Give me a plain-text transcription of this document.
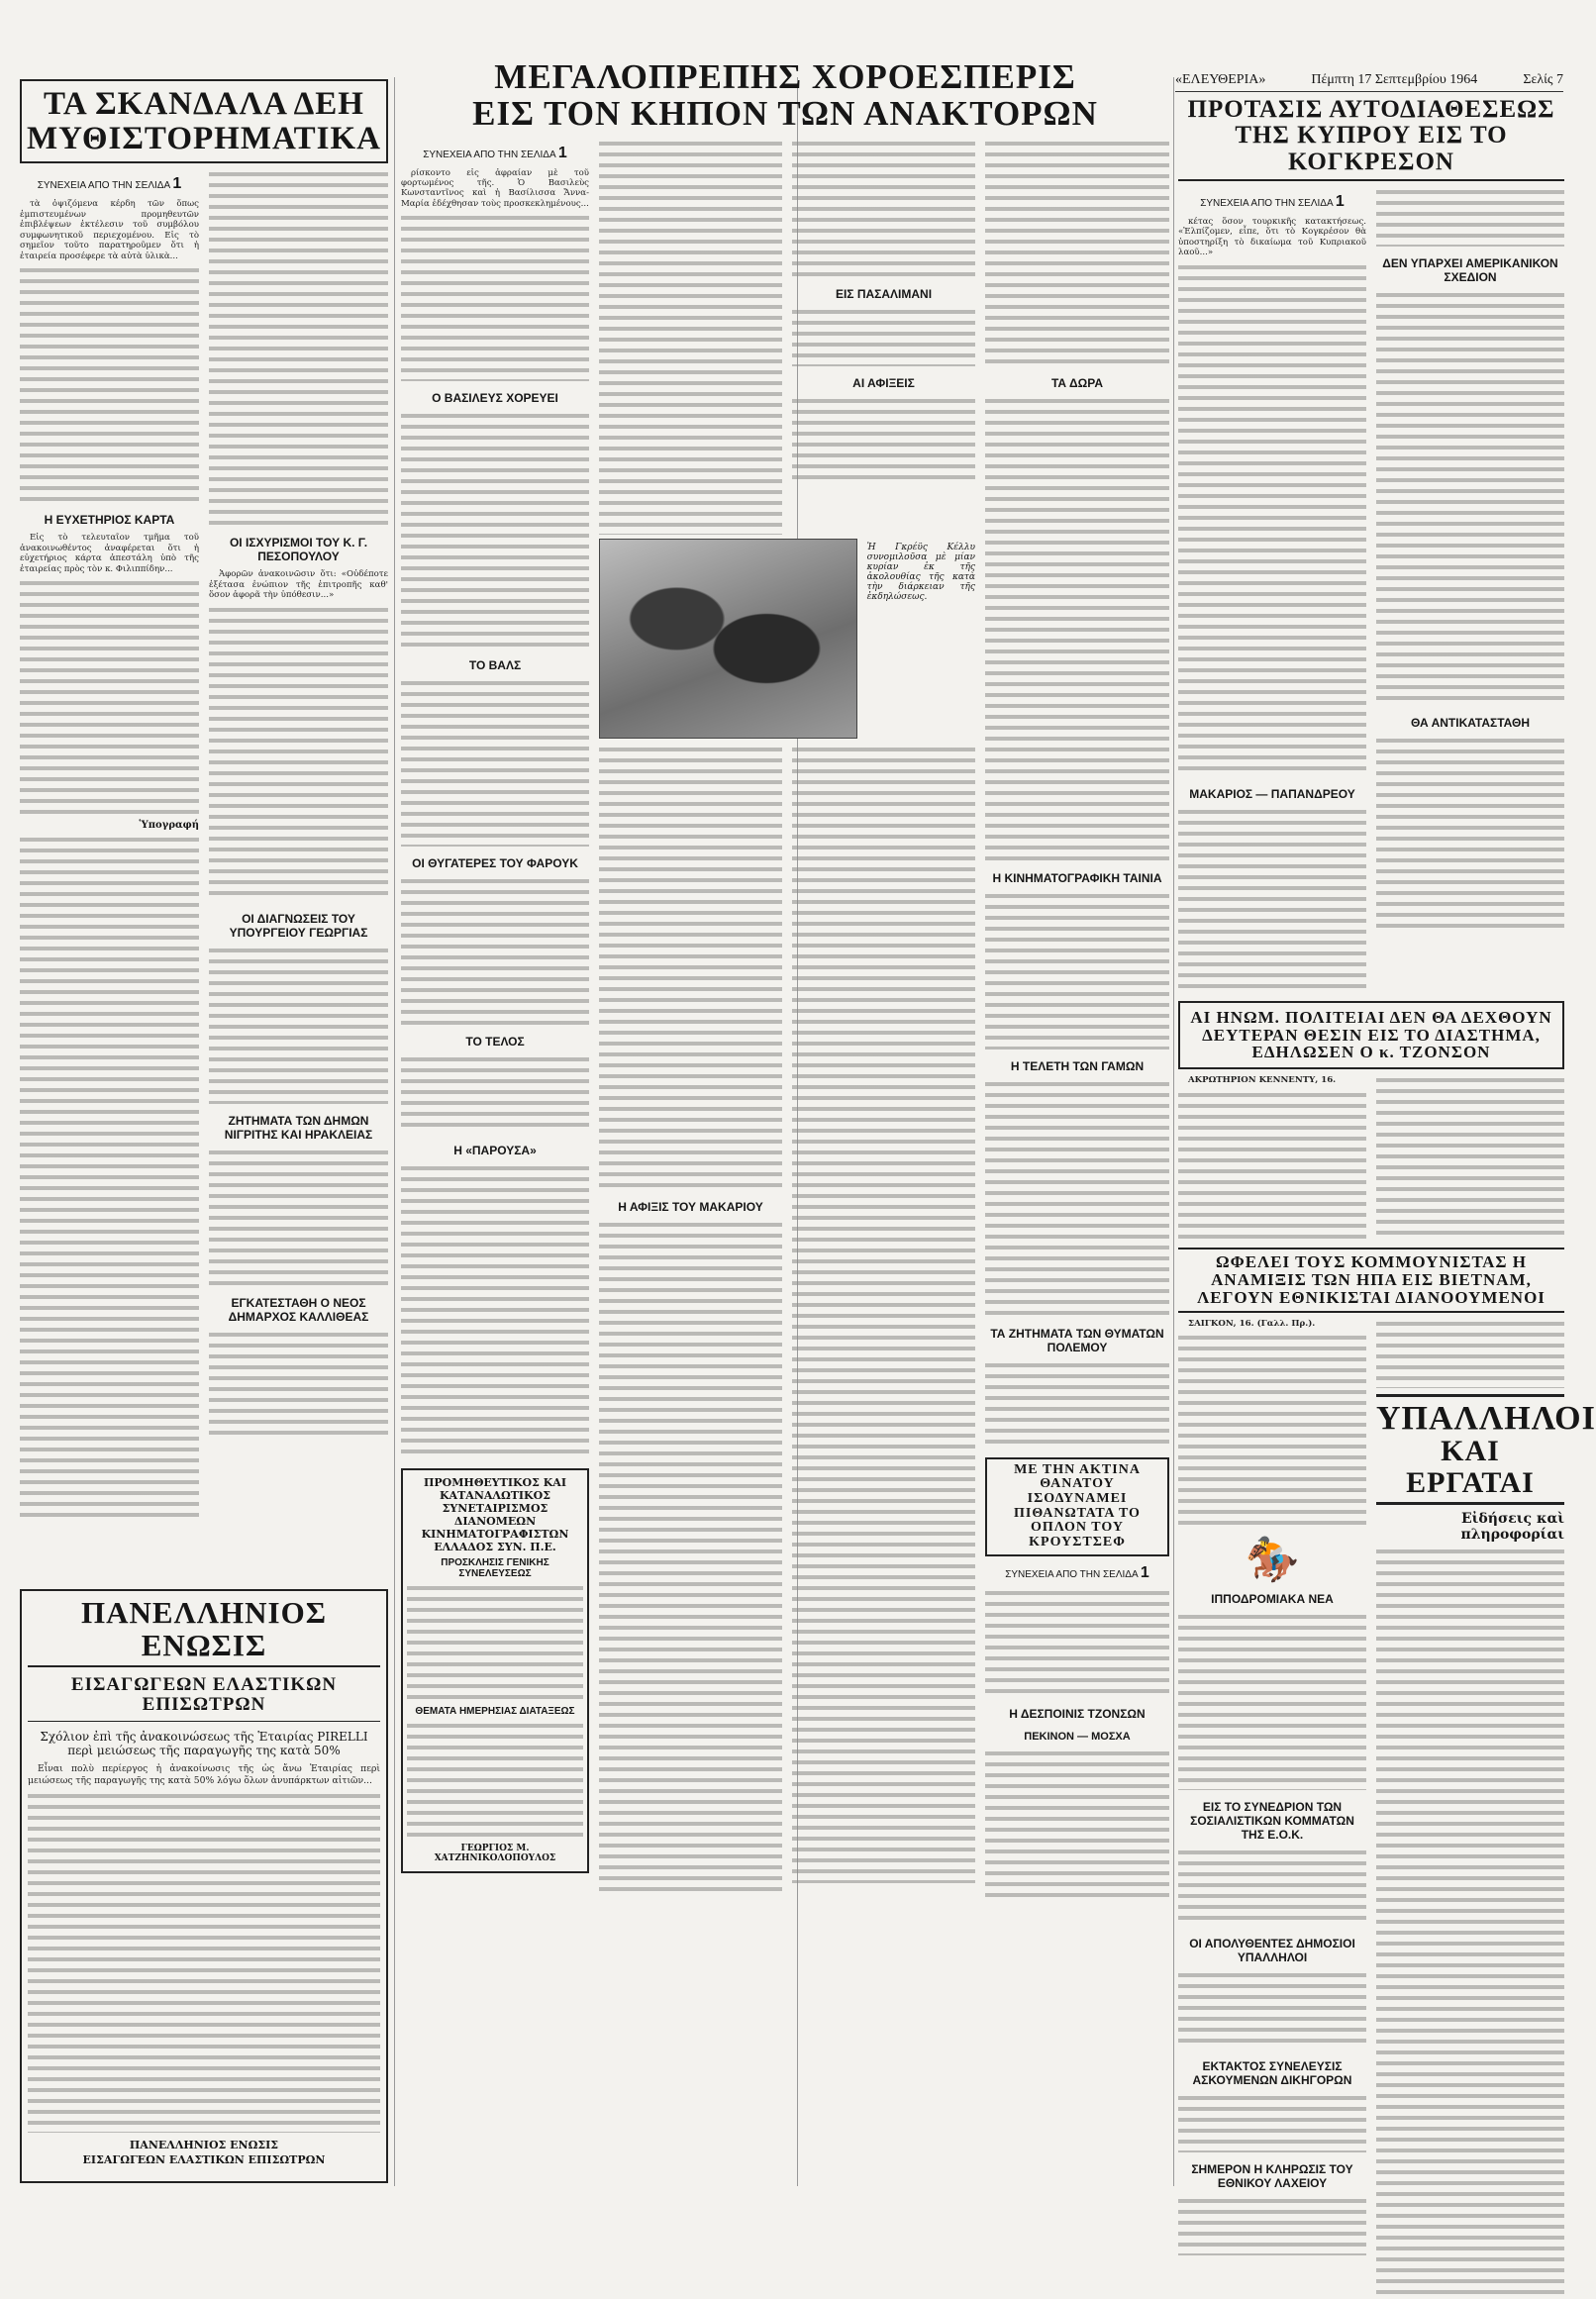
«ΕΛΕΥΘΕΡΙΑ»	Πέμπτη 17 Σεπτεμβρίου 1964	Σελίς 7

ΤΑ ΣΚΑΝΔΑΛΑ ΔΕΗ

ΜΥΘΙΣΤΟΡΗΜΑΤΙΚΑ

ΣΥΝΕΧΕΙΑ ΑΠΟ ΤΗΝ ΣΕΛΙΔΑ 1

τὰ ὀψιζόμενα κέρδη τῶν ὅπως ἐμπιστευμένων προμηθευτῶν ἐπιβλέψεων ἐκτέλεσιν τοῦ συμβόλου συμφωνητικοῦ περιεχομένου. Εἰς τὸ σημεῖον τοῦτο παρατηροῦμεν ὅτι ἡ ἐταιρεία προσέφερε τὰ αὐτὰ ὑλικὰ...

Η ΕΥΧΕΤΗΡΙΟΣ ΚΑΡΤΑ

Εἰς τὸ τελευταῖον τμῆμα τοῦ ἀνακοινωθέντος ἀναφέρεται ὅτι ἡ εὐχετήριος κάρτα ἀπεστάλη ὑπὸ τῆς ἐταιρείας πρὸς τὸν κ. Φιλιππίδην...

Ὑπογραφή
ΟΙ ΙΣΧΥΡΙΣΜΟΙ ΤΟΥ Κ. Γ. ΠΕΣΟΠΟΥΛΟΥ

Ἀφορῶν ἀνακοινῶσιν ὅτι: «Οὐδέποτε ἐξέτασα ἐνώπιον τῆς ἐπιτροπῆς καθ' ὅσον ἀφορᾶ τὴν ὑπόθεσιν...»

ΟΙ ΔΙΑΓΝΩΣΕΙΣ ΤΟΥ ΥΠΟΥΡΓΕΙΟΥ ΓΕΩΡΓΙΑΣ
ΖΗΤΗΜΑΤΑ ΤΩΝ ΔΗΜΩΝ ΝΙΓΡΙΤΗΣ ΚΑΙ ΗΡΑΚΛΕΙΑΣ
ΕΓΚΑΤΕΣΤΑΘΗ Ο ΝΕΟΣ ΔΗΜΑΡΧΟΣ ΚΑΛΛΙΘΕΑΣ

ΠΑΝΕΛΛΗΝΙΟΣ ΕΝΩΣΙΣ

ΕΙΣΑΓΩΓΕΩΝ ΕΛΑΣΤΙΚΩΝ ΕΠΙΣΩΤΡΩΝ

Σχόλιον ἐπὶ τῆς ἀνακοινώσεως τῆς Ἑταιρίας PIRELLI περὶ μειώσεως τῆς παραγωγῆς της κατὰ 50%

Εἶναι πολὺ περίεργος ἡ ἀνακοίνωσις τῆς ὡς ἄνω Ἑταιρίας περὶ μειώσεως τῆς παραγωγῆς της κατὰ 50% λόγω ὅλων ἀνυπάρκτων αἰτιῶν...

ΠΑΝΕΛΛΗΝΙΟΣ ΕΝΩΣΙΣ

ΕΙΣΑΓΩΓΕΩΝ ΕΛΑΣΤΙΚΩΝ ΕΠΙΣΩΤΡΩΝ

ΜΕΓΑΛΟΠΡΕΠΗΣ ΧΟΡΟΕΣΠΕΡΙΣ

ΕΙΣ ΤΟΝ ΚΗΠΟΝ ΤΩΝ ΑΝΑΚΤΟΡΩΝ

ΣΥΝΕΧΕΙΑ ΑΠΟ ΤΗΝ ΣΕΛΙΔΑ 1

ρίσκοντο εἰς ἀφραίαν μὲ τοῦ φορτωμένος τῆς. Ὁ Βασιλεὺς Κωνσταντῖνος καὶ ἡ Βασίλισσα Ἄννα-Μαρία ἐδέχθησαν τοὺς προσκεκλημένους...

Ο ΒΑΣΙΛΕΥΣ ΧΟΡΕΥΕΙ
ΤΟ ΒΑΛΣ
ΟΙ ΘΥΓΑΤΕΡΕΣ ΤΟΥ ΦΑΡΟΥΚ
ΤΟ ΤΕΛΟΣ
Η «ΠΑΡΟΥΣΑ»

ΠΡΟΜΗΘΕΥΤΙΚΟΣ ΚΑΙ ΚΑΤΑΝΑΛΩΤΙΚΟΣ ΣΥΝΕΤΑΙΡΙΣΜΟΣ ΔΙΑΝΟΜΕΩΝ ΚΙΝΗΜΑΤΟΓΡΑΦΙΣΤΩΝ ΕΛΛΑΔΟΣ ΣΥΝ. Π.Ε.

ΠΡΟΣΚΛΗΣΙΣ ΓΕΝΙΚΗΣ ΣΥΝΕΛΕΥΣΕΩΣ
ΘΕΜΑΤΑ ΗΜΕΡΗΣΙΑΣ ΔΙΑΤΑΞΕΩΣ
ΓΕΩΡΓΙΟΣ Μ. ΧΑΤΖΗΝΙΚΟΛΟΠΟΥΛΟΣ
ΕΙΣ ΠΑΣΑΛΙΜΑΝΙ
ΑΙ ΑΦΙΞΕΙΣ

Ἡ Γκρέϋς Κέλλυ συνομιλοῦσα μὲ μίαν κυρίαν ἐκ τῆς ἀκολουθίας τῆς κατὰ τὴν διάρκειαν τῆς ἐκδηλώσεως.

Η ΑΦΙΞΙΣ ΤΟΥ ΜΑΚΑΡΙΟΥ
ΤΑ ΔΩΡΑ
Η ΚΙΝΗΜΑΤΟΓΡΑΦΙΚΗ ΤΑΙΝΙΑ
Η ΤΕΛΕΤΗ ΤΩΝ ΓΑΜΩΝ
ΤΑ ΖΗΤΗΜΑΤΑ ΤΩΝ ΘΥΜΑΤΩΝ ΠΟΛΕΜΟΥ

ΜΕ ΤΗΝ ΑΚΤΙΝΑ ΘΑΝΑΤΟΥ ΙΣΟΔΥΝΑΜΕΙ ΠΙΘΑΝΩΤΑΤΑ ΤΟ ΟΠΛΟΝ ΤΟΥ ΚΡΟΥΣΤΣΕΦ

ΣΥΝΕΧΕΙΑ ΑΠΟ ΤΗΝ ΣΕΛΙΔΑ 1
Η ΔΕΣΠΟΙΝΙΣ ΤΖΟΝΣΩΝ
ΠΕΚΙΝΟΝ — ΜΟΣΧΑ

ΠΡΟΤΑΣΙΣ ΑΥΤΟΔΙΑΘΕΣΕΩΣ

ΤΗΣ ΚΥΠΡΟΥ ΕΙΣ ΤΟ ΚΟΓΚΡΕΣΟΝ

ΣΥΝΕΧΕΙΑ ΑΠΟ ΤΗΝ ΣΕΛΙΔΑ 1

κέτας ὅσον τουρκικῆς κατακτήσεως. «Ἐλπίζομεν, εἶπε, ὅτι τὸ Κογκρέσον θὰ ὑποστηρίξη τὸ δικαίωμα τοῦ Κυπριακοῦ λαοῦ...»

ΜΑΚΑΡΙΟΣ — ΠΑΠΑΝΔΡΕΟΥ
ΔΕΝ ΥΠΑΡΧΕΙ ΑΜΕΡΙΚΑΝΙΚΟΝ ΣΧΕΔΙΟΝ
ΘΑ ΑΝΤΙΚΑΤΑΣΤΑΘΗ

ΑΙ ΗΝΩΜ. ΠΟΛΙΤΕΙΑΙ ΔΕΝ ΘΑ ΔΕΧΘΟΥΝ ΔΕΥΤΕΡΑΝ ΘΕΣΙΝ ΕΙΣ ΤΟ ΔΙΑΣΤΗΜΑ, ΕΔΗΛΩΣΕΝ Ο κ. ΤΖΟΝΣΟΝ

ΑΚΡΩΤΗΡΙΟΝ ΚΕΝΝΕΝΤΥ, 16.

ΩΦΕΛΕΙ ΤΟΥΣ ΚΟΜΜΟΥΝΙΣΤΑΣ Η ΑΝΑΜΙΞΙΣ ΤΩΝ ΗΠΑ ΕΙΣ ΒΙΕΤΝΑΜ, ΛΕΓΟΥΝ ΕΘΝΙΚΙΣΤΑΙ ΔΙΑΝΟΟΥΜΕΝΟΙ

ΣΑΙΓΚΟΝ, 16. (Γαλλ. Πρ.).

🏇
ΙΠΠΟΔΡΟΜΙΑΚΑ ΝΕΑ
ΕΙΣ ΤΟ ΣΥΝΕΔΡΙΟΝ ΤΩΝ ΣΟΣΙΑΛΙΣΤΙΚΩΝ ΚΟΜΜΑΤΩΝ ΤΗΣ Ε.Ο.Κ.
ΟΙ ΑΠΟΛΥΘΕΝΤΕΣ ΔΗΜΟΣΙΟΙ ΥΠΑΛΛΗΛΟΙ
ΕΚΤΑΚΤΟΣ ΣΥΝΕΛΕΥΣΙΣ ΑΣΚΟΥΜΕΝΩΝ ΔΙΚΗΓΟΡΩΝ
ΣΗΜΕΡΟΝ Η ΚΛΗΡΩΣΙΣ ΤΟΥ ΕΘΝΙΚΟΥ ΛΑΧΕΙΟΥ

ΥΠΑΛΛΗΛΟΙ

ΚΑΙ ΕΡΓΑΤΑΙ

Εἰδήσεις καὶ πληροφορίαι
